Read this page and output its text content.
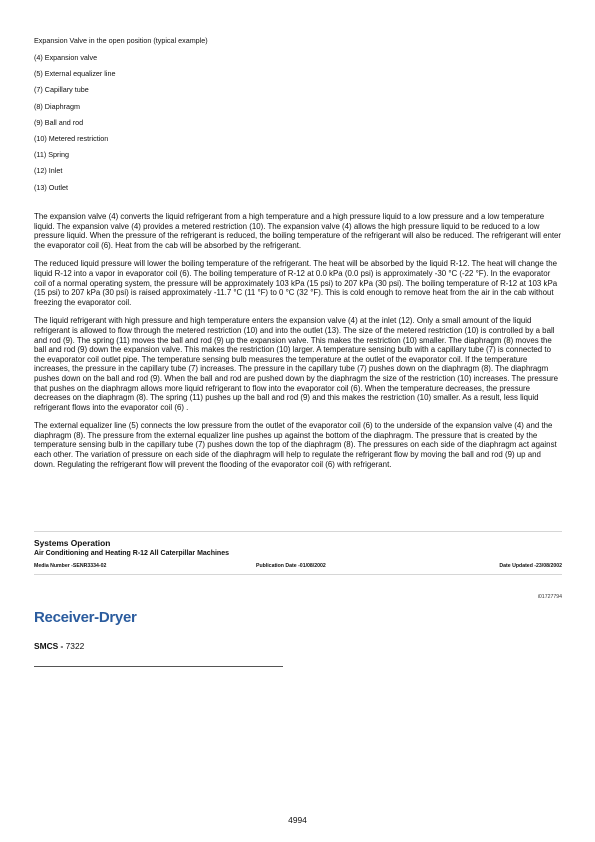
Expansion Valve in the open position (typical example)
(4) Expansion valve
(5) External equalizer line
(7) Capillary tube
(8) Diaphragm
(9) Ball and rod
(10) Metered restriction
(11) Spring
(12) Inlet
(13) Outlet

The expansion valve (4) converts the liquid refrigerant from a high temperature and a high pressure liquid to a low pressure and a low temperature liquid. The expansion valve (4) provides a metered restriction (10). The expansion valve (4) allows the high pressure liquid to be reduced to a low pressure liquid. When the pressure of the refrigerant is reduced, the boiling temperature of the refrigerant will also be reduced. The refrigerant will enter the evaporator coil (6). Heat from the cab will be absorbed by the refrigerant.

The reduced liquid pressure will lower the boiling temperature of the refrigerant. The heat will be absorbed by the liquid R-12. The heat will change the liquid R-12 into a vapor in evaporator coil (6). The boiling temperature of R-12 at 0.0 kPa (0.0 psi) is approximately -30 °C (-22 °F). In the evaporator coil of a normal operating system, the pressure will be approximately 103 kPa (15 psi) to 207 kPa (30 psi). The boiling temperature of R-12 at 103 kPa (15 psi) to 207 kPa (30 psi) is raised approximately -11.7 °C (11 °F) to 0 °C (32 °F). This is cold enough to remove heat from the air in the cab without freezing the evaporator coil.

The liquid refrigerant with high pressure and high temperature enters the expansion valve (4) at the inlet (12). Only a small amount of the liquid refrigerant is allowed to flow through the metered restriction (10) and into the outlet (13). The size of the metered restriction (10) is controlled by a ball and rod (9). The spring (11) moves the ball and rod (9) up the expansion valve. This makes the restriction (10) smaller. The diaphragm (8) moves the ball and rod (9) down the expansion valve. This makes the restriction (10) larger. A temperature sensing bulb with a capillary tube (7) is connected to the evaporator coil outlet pipe. The temperature sensing bulb measures the temperature at the outlet of the evaporator coil. If the temperature increases, the pressure in the capillary tube (7) increases. The pressure in the capillary tube (7) pushes down on the diaphragm (8). The diaphragm pushes down on the ball and rod (9). When the ball and rod are pushed down by the diaphragm the size of the restriction (10) increases. The pressure that pushes on the diaphragm allows more liquid refrigerant to flow into the evaporator coil (6). When the temperature decreases, the pressure decreases on the diaphragm (8). The spring (11) pushes up the ball and rod (9) and this makes the restriction (10) smaller. As a result, less liquid refrigerant flows into the evaporator coil (6) .

The external equalizer line (5) connects the low pressure from the outlet of the evaporator coil (6) to the underside of the expansion valve (4) and the diaphragm (8). The pressure from the external equalizer line pushes up against the bottom of the diaphragm. The pressure that is created by the temperature sensing bulb in the capillary tube (7) pushes down the top of the diaphragm (8). The pressures on each side of the diaphragm act against each other. The variation of pressure on each side of the diaphragm will help to regulate the refrigerant flow by moving the ball and rod (9) up and down. Regulating the refrigerant flow will prevent the flooding of the evaporator coil (6) with refrigerant.

Systems Operation
Air Conditioning and Heating R-12 All Caterpillar Machines
Media Number -SENR3334-02	Publication Date -01/08/2002	Date Updated -23/08/2002
i01727794
Receiver-Dryer
SMCS - 7322
4994
